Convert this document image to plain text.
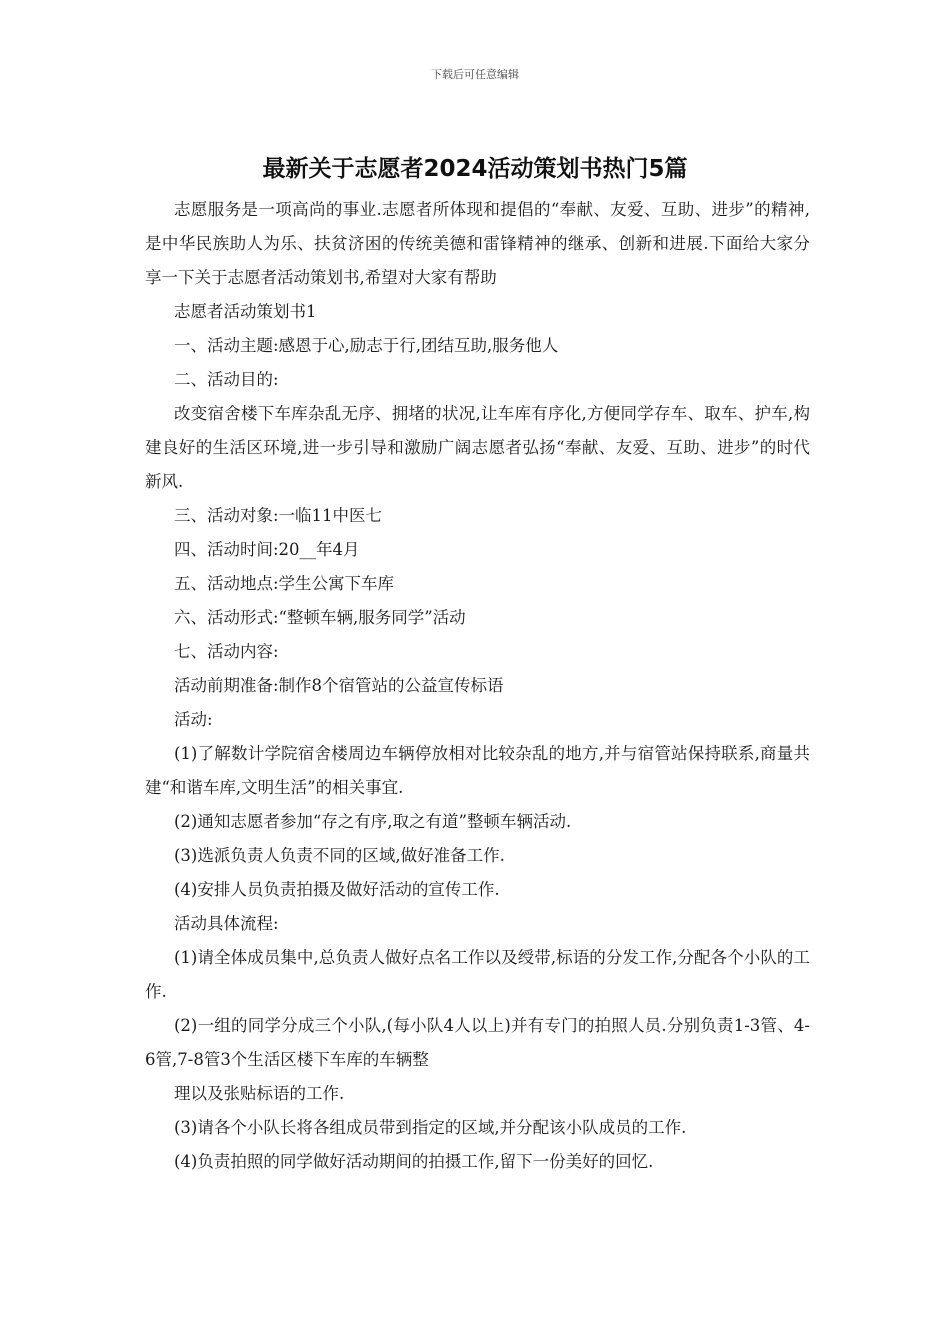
下载后可任意编辑
最新关于志愿者2024活动策划书热门5篇

志愿服务是一项高尚的事业.志愿者所体现和提倡的“奉献、友爱、互助、进步”的精神,是中华民族助人为乐、扶贫济困的传统美德和雷锋精神的继承、创新和进展.下面给大家分享一下关于志愿者活动策划书,希望对大家有帮助

志愿者活动策划书1

一、活动主题:感恩于心,励志于行,团结互助,服务他人

二、活动目的:

改变宿舍楼下车库杂乱无序、拥堵的状况,让车库有序化,方便同学存车、取车、护车,构建良好的生活区环境,进一步引导和激励广阔志愿者弘扬“奉献、友爱、互助、进步”的时代新风.

三、活动对象:一临11中医七

四、活动时间:20__年4月

五、活动地点:学生公寓下车库

六、活动形式:“整顿车辆,服务同学”活动

七、活动内容:

活动前期准备:制作8个宿管站的公益宣传标语

活动:

(1)了解数计学院宿舍楼周边车辆停放相对比较杂乱的地方,并与宿管站保持联系,商量共建“和谐车库,文明生活”的相关事宜.

(2)通知志愿者参加“存之有序,取之有道”整顿车辆活动.

(3)选派负责人负责不同的区域,做好准备工作.

(4)安排人员负责拍摄及做好活动的宣传工作.

活动具体流程:

(1)请全体成员集中,总负责人做好点名工作以及绶带,标语的分发工作,分配各个小队的工作.

(2)一组的同学分成三个小队,(每小队4人以上)并有专门的拍照人员.分别负责1-3管、4-6管,7-8管3个生活区楼下车库的车辆整

理以及张贴标语的工作.

(3)请各个小队长将各组成员带到指定的区域,并分配该小队成员的工作.

(4)负责拍照的同学做好活动期间的拍摄工作,留下一份美好的回忆.
